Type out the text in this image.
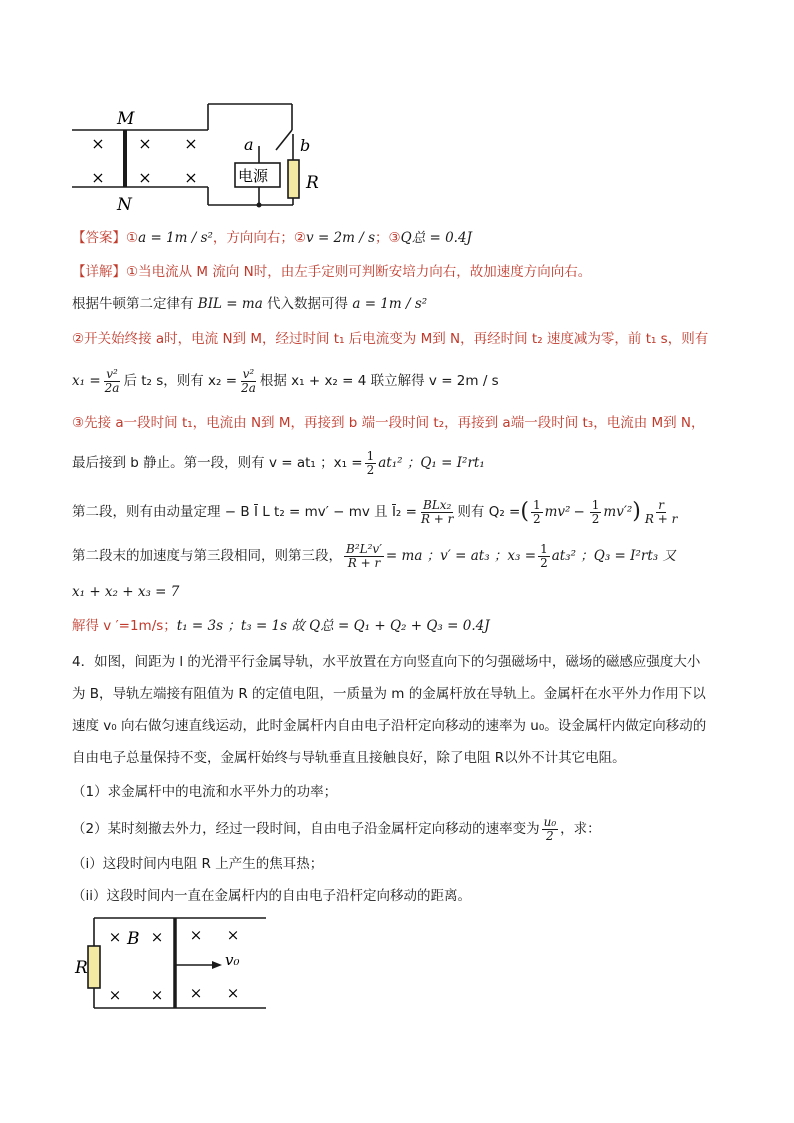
M
N
a	b
R
电源
× × ×
× × ×
【答案】①a = 1m / s²，方向向右；②v = 2m / s；③Q总 = 0.4J
【详解】①当电流从 M 流向 N时，由左手定则可判断安培力向右，故加速度方向向右。
根据牛顿第二定律有 BIL = ma 代入数据可得 a = 1m / s²
②开关始终接 a时，电流 N到 M，经过时间 t₁ 后电流变为 M到 N，再经时间 t₂ 速度减为零，前 t₁ s，则有
$x_1 = \frac{\text{v²}}{2a}$ 后 t₂ s，则有 $x_2 = \frac{\text{v²}}{2a}$ 根据 x₁ + x₂ = 4 联立解得 v = 2m / s
③先接 a一段时间 t₁，电流由 N到 M，再接到 b 端一段时间 t₂，再接到 a端一段时间 t₃，电流由 M到 N，
最后接到 b 静止。第一段，则有 v = at₁ ；$x_1 = \frac{1}{2} at_1^2$ ；Q₁ = I²rt₁
第二段，则有由动量定理 − B Ī L t₂ = mv′ − mv 且 Ī₂ = $\frac{\text{BLx₂}}{R + r}$ 则有 Q₂ = ( $\frac{1}{2} mv^2 - \frac{1}{2} mv'^2$ ) $\frac{r}{R + r}$
第二段末的加速度与第三段相同，则第三段， $\frac{\text{B²L²v′}}{R + r}$ = ma ；v′ = at₃ ；$x_3 = \frac{1}{2} at_3^2$ ；Q₃ = I²rt₃ 又
x₁ + x₂ + x₃ = 7
解得 v ′=1m/s；t₁ = 3s ；t₃ = 1s 故 Q总 = Q₁ + Q₂ + Q₃ = 0.4J
4．如图，间距为 l 的光滑平行金属导轨，水平放置在方向竖直向下的匀强磁场中，磁场的磁感应强度大小
为 B，导轨左端接有阻值为 R 的定值电阻，一质量为 m 的金属杆放在导轨上。金属杆在水平外力作用下以
速度 v₀ 向右做匀速直线运动，此时金属杆内自由电子沿杆定向移动的速率为 u₀。设金属杆内做定向移动的
自由电子总量保持不变，金属杆始终与导轨垂直且接触良好，除了电阻 R以外不计其它电阻。
（1）求金属杆中的电流和水平外力的功率；
（2）某时刻撤去外力，经过一段时间，自由电子沿金属杆定向移动的速率变为 $\frac{\text{u₀}}{2}$ ，求：
（i）这段时间内电阻 R 上产生的焦耳热；
（ii）这段时间内一直在金属杆内的自由电子沿杆定向移动的距离。
R
B
v₀
× × × ×
× × × ×
